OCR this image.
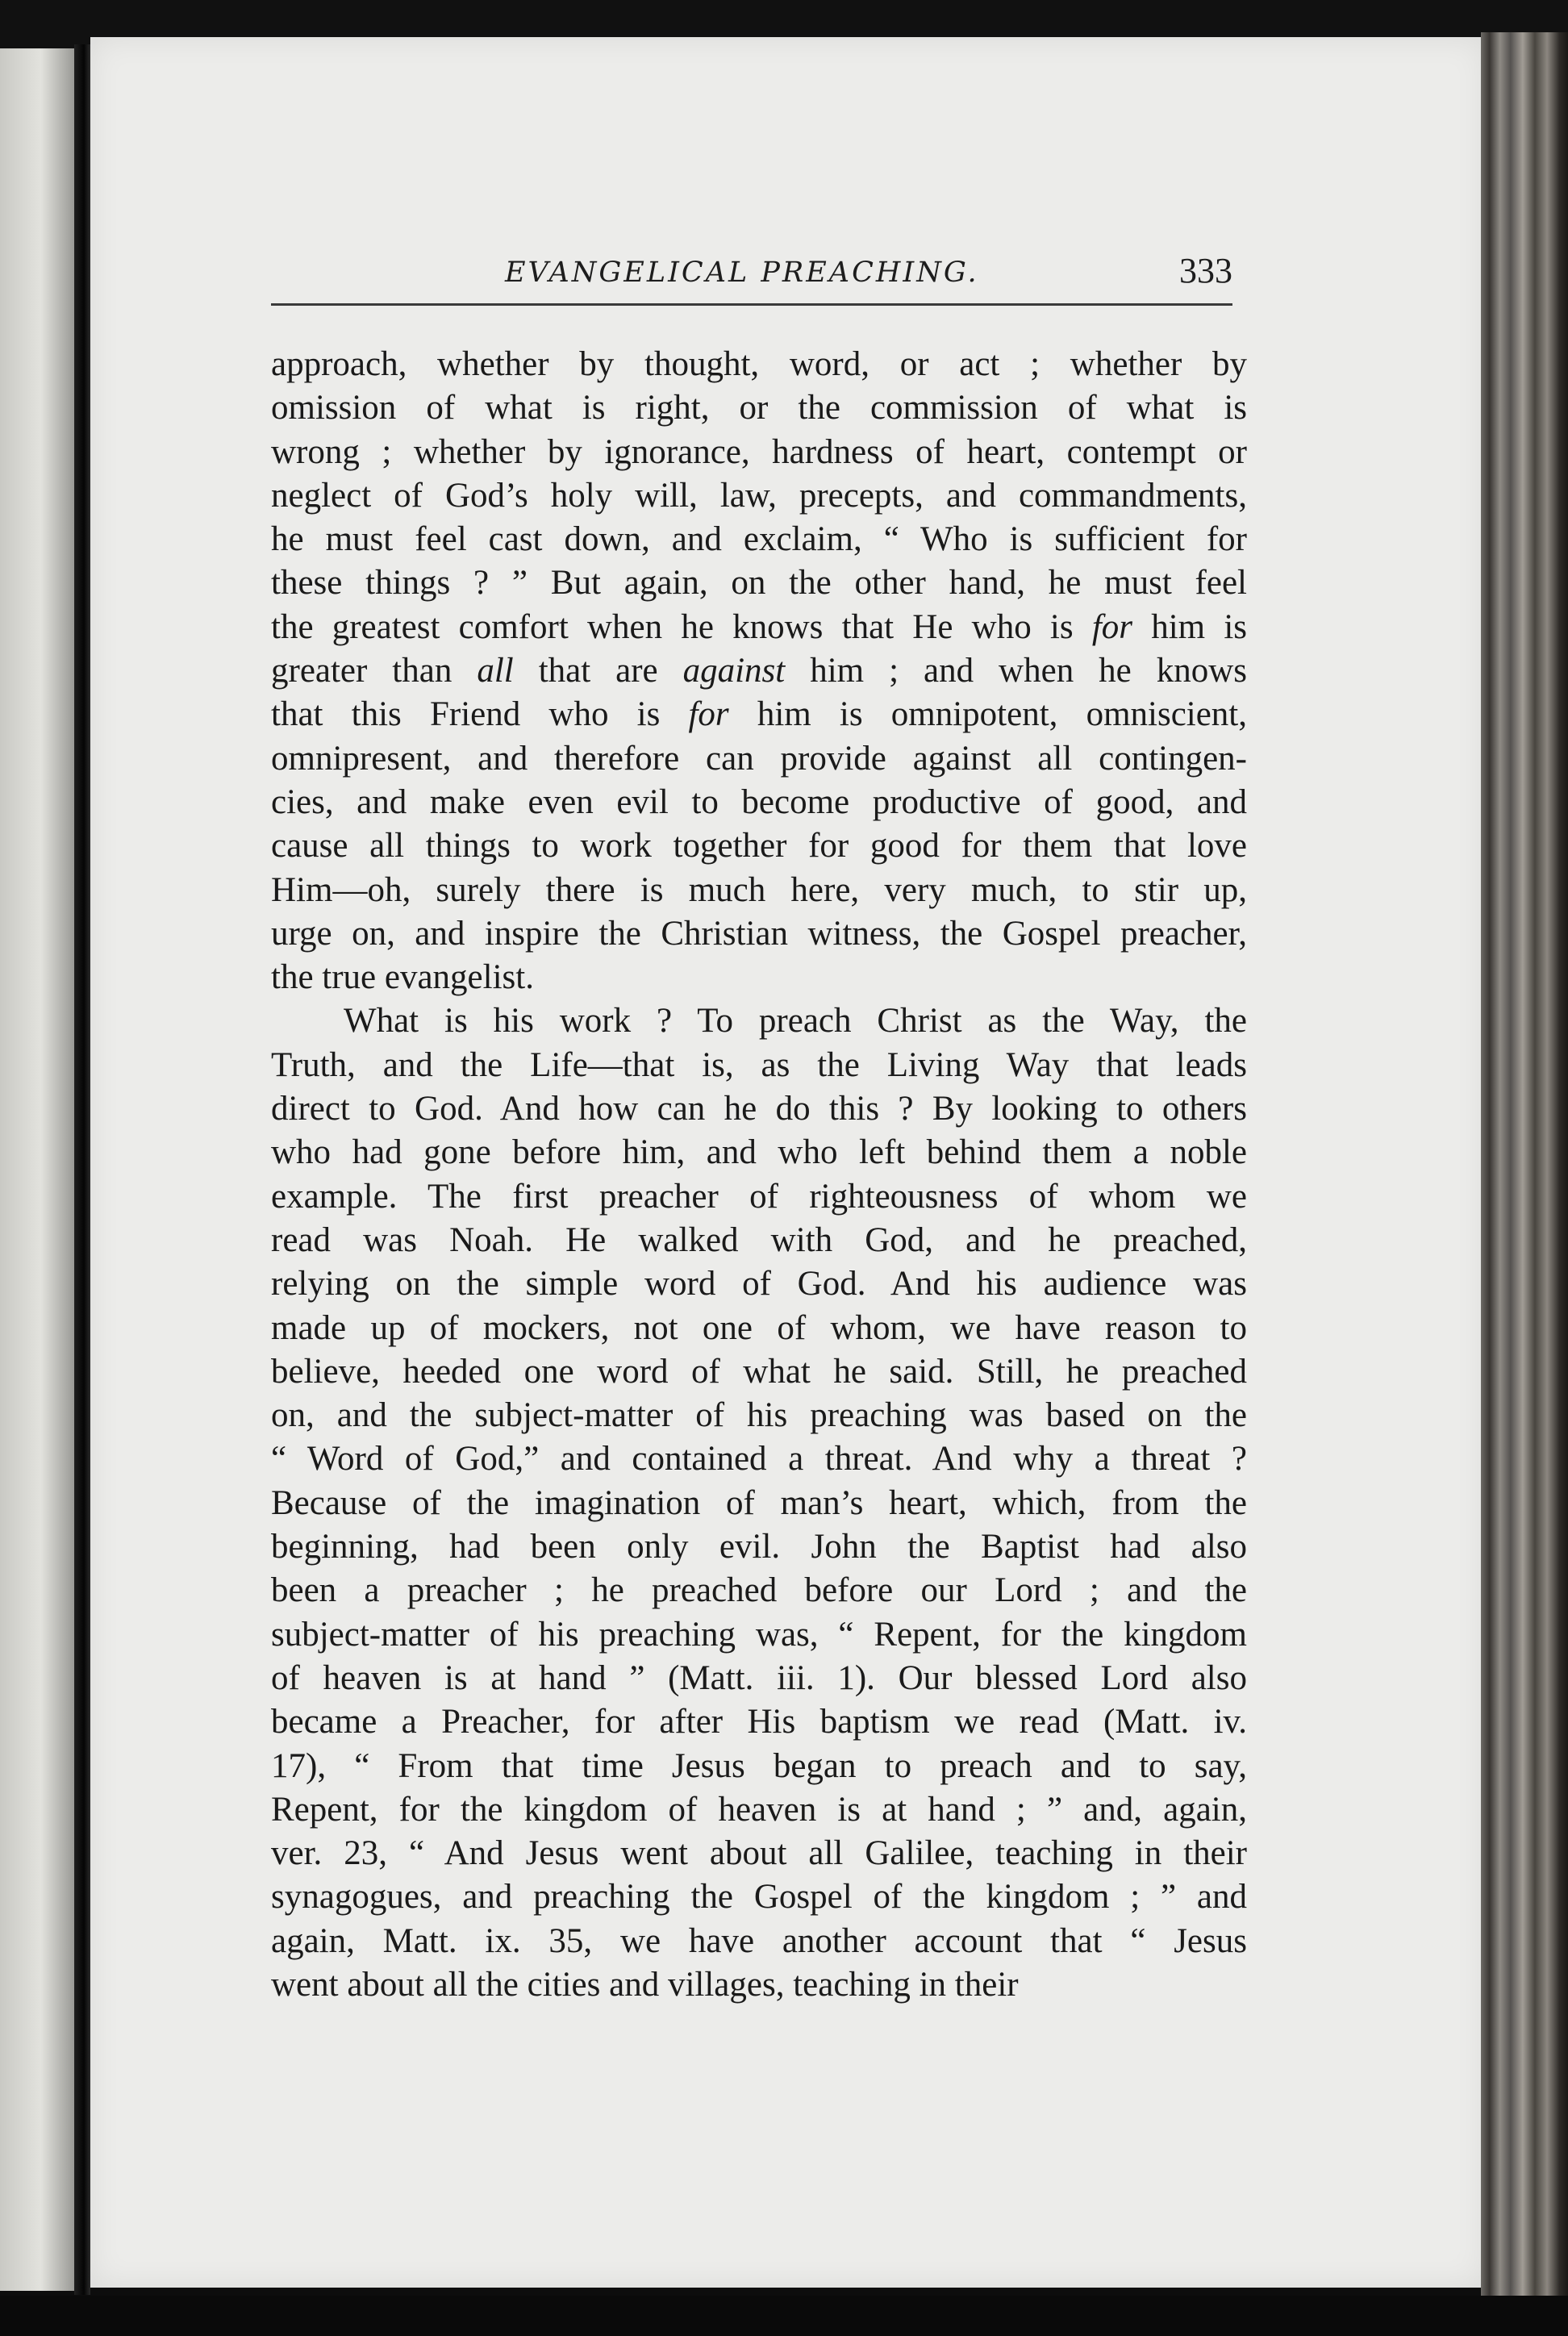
EVANGELICAL PREACHING.	333
approach, whether by thought, word, or act ; whether by
omission of what is right, or the commission of what is
wrong ; whether by ignorance, hardness of heart, contempt or
neglect of God’s holy will, law, precepts, and commandments,
he must feel cast down, and exclaim, “ Who is sufficient for
these things ? ” But again, on the other hand, he must feel
the greatest comfort when he knows that He who is for him is
greater than all that are against him ; and when he knows
that this Friend who is for him is omnipotent, omniscient,
omnipresent, and therefore can provide against all contingen-
cies, and make even evil to become productive of good, and
cause all things to work together for good for them that love
Him—oh, surely there is much here, very much, to stir up,
urge on, and inspire the Christian witness, the Gospel preacher,
the true evangelist.
What is his work ? To preach Christ as the Way, the
Truth, and the Life—that is, as the Living Way that leads
direct to God. And how can he do this ? By looking to others
who had gone before him, and who left behind them a noble
example. The first preacher of righteousness of whom we
read was Noah. He walked with God, and he preached,
relying on the simple word of God. And his audience was
made up of mockers, not one of whom, we have reason to
believe, heeded one word of what he said. Still, he preached
on, and the subject-matter of his preaching was based on the
“ Word of God,” and contained a threat. And why a threat ?
Because of the imagination of man’s heart, which, from the
beginning, had been only evil. John the Baptist had also
been a preacher ; he preached before our Lord ; and the
subject-matter of his preaching was, “ Repent, for the kingdom
of heaven is at hand ” (Matt. iii. 1). Our blessed Lord also
became a Preacher, for after His baptism we read (Matt. iv.
17), “ From that time Jesus began to preach and to say,
Repent, for the kingdom of heaven is at hand ; ” and, again,
ver. 23, “ And Jesus went about all Galilee, teaching in their
synagogues, and preaching the Gospel of the kingdom ; ” and
again, Matt. ix. 35, we have another account that “ Jesus
went about all the cities and villages, teaching in their
